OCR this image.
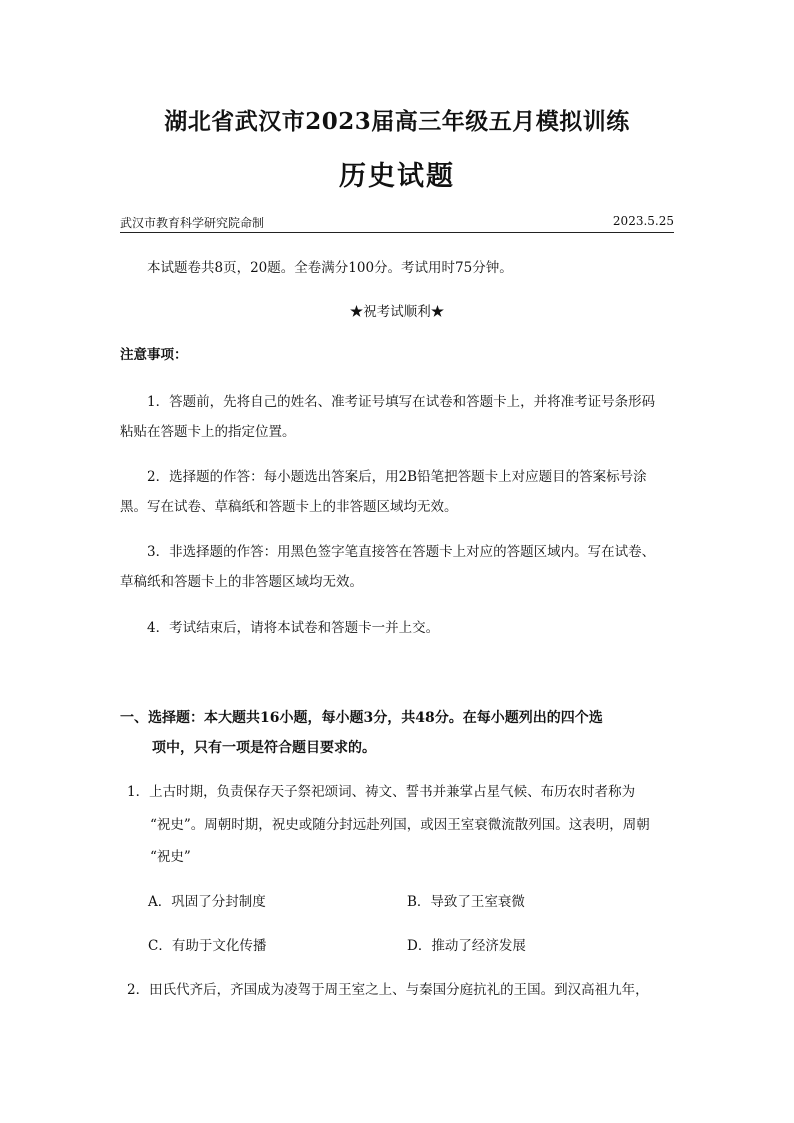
湖北省武汉市2023届高三年级五月模拟训练
历史试题
武汉市教育科学研究院命制	2023.5.25
本试题卷共8页，20题。全卷满分100分。考试用时75分钟。
★祝考试顺利★
注意事项：
1．答题前，先将自己的姓名、准考证号填写在试卷和答题卡上，并将准考证号条形码
粘贴在答题卡上的指定位置。
2．选择题的作答：每小题选出答案后，用2B铅笔把答题卡上对应题目的答案标号涂
黑。写在试卷、草稿纸和答题卡上的非答题区域均无效。
3．非选择题的作答：用黑色签字笔直接答在答题卡上对应的答题区域内。写在试卷、
草稿纸和答题卡上的非答题区域均无效。
4．考试结束后，请将本试卷和答题卡一并上交。
一、选择题：本大题共16小题，每小题3分，共48分。在每小题列出的四个选
项中，只有一项是符合题目要求的。
1．上古时期，负责保存天子祭祀颂词、祷文、誓书并兼掌占星气候、布历农时者称为
“祝史”。周朝时期，祝史或随分封远赴列国，或因王室衰微流散列国。这表明，周朝
“祝史”
A．巩固了分封制度	B．导致了王室衰微
C．有助于文化传播	D．推动了经济发展
2．田氏代齐后，齐国成为凌驾于周王室之上、与秦国分庭抗礼的王国。到汉高祖九年，
